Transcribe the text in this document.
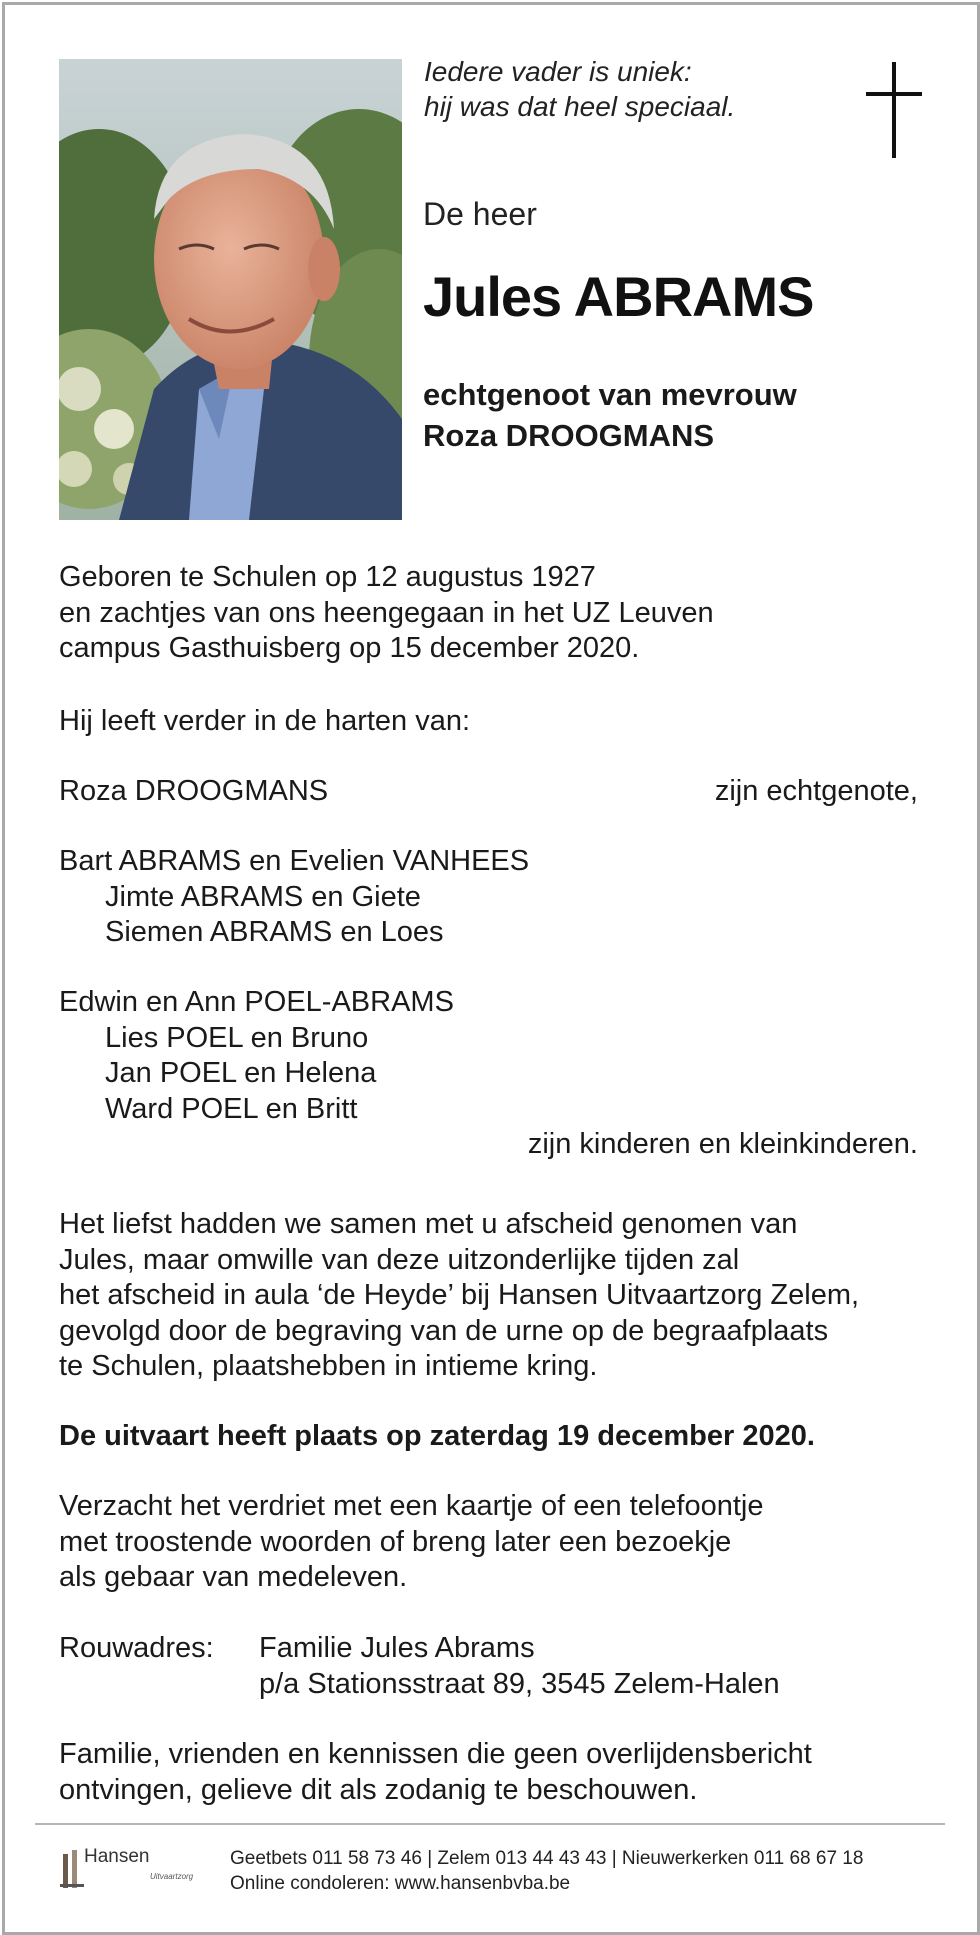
Iedere vader is uniek:
hij was dat heel speciaal.
De heer
Jules ABRAMS
echtgenoot van mevrouw
Roza DROOGMANS
Geboren te Schulen op 12 augustus 1927
en zachtjes van ons heengegaan in het UZ Leuven
campus Gasthuisberg op 15 december 2020.
Hij leeft verder in de harten van:
Roza DROOGMANS	zijn echtgenote,
Bart ABRAMS en Evelien VANHEES
Jimte ABRAMS en Giete
Siemen ABRAMS en Loes
Edwin en Ann POEL-ABRAMS
Lies POEL en Bruno
Jan POEL en Helena
Ward POEL en Britt
zijn kinderen en kleinkinderen.
Het liefst hadden we samen met u afscheid genomen van
Jules, maar omwille van deze uitzonderlijke tijden zal
het afscheid in aula ‘de Heyde’ bij Hansen Uitvaartzorg Zelem,
gevolgd door de begraving van de urne op de begraafplaats
te Schulen, plaatshebben in intieme kring.
De uitvaart heeft plaats op zaterdag 19 december 2020.
Verzacht het verdriet met een kaartje of een telefoontje
met troostende woorden of breng later een bezoekje
als gebaar van medeleven.
Rouwadres: Familie Jules Abrams
p/a Stationsstraat 89, 3545 Zelem-Halen
Familie, vrienden en kennissen die geen overlijdensbericht
ontvingen, gelieve dit als zodanig te beschouwen.
Hansen
Uitvaartzorg
Geetbets 011 58 73 46 | Zelem 013 44 43 43 | Nieuwerkerken 011 68 67 18
Online condoleren: www.hansenbvba.be
